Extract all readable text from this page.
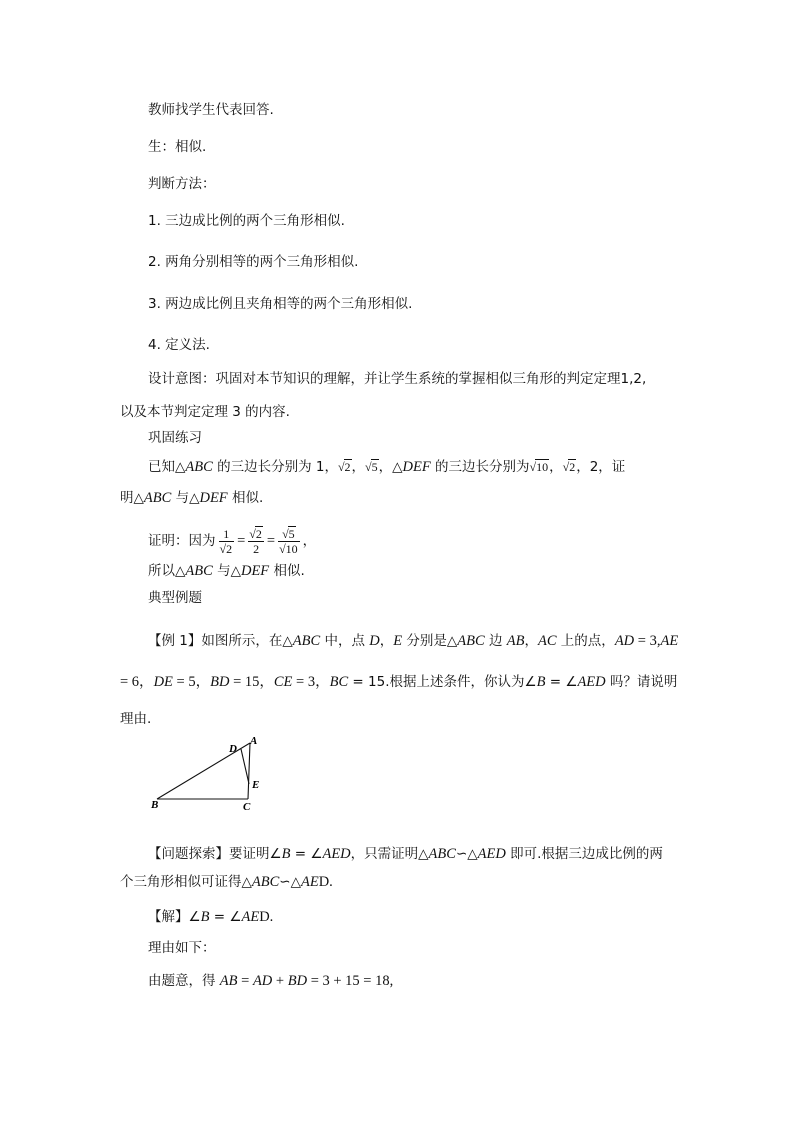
教师找学生代表回答.
生：相似.
判断方法：
1. 三边成比例的两个三角形相似.
2. 两角分别相等的两个三角形相似.
3. 两边成比例且夹角相等的两个三角形相似.
4. 定义法.
设计意图：巩固对本节知识的理解，并让学生系统的掌握相似三角形的判定定理1,2,
以及本节判定定理 3 的内容.
巩固练习
已知△ABC 的三边长分别为 1，√2，√5，△DEF 的三边长分别为√10，√2，2，证
明△ABC 与△DEF 相似.
证明：因为 $\frac{1}{√2} = \frac{√2}{2} = \frac{√5}{√10}$ ，
所以△ABC 与△DEF 相似.
典型例题
【例 1】如图所示，在△ABC 中，点 D，E 分别是△ABC 边 AB，AC 上的点，AD = 3,AE
= 6，DE = 5，BD = 15，CE = 3，BC = 15.根据上述条件，你认为∠B = ∠AED 吗？请说明
理由.
B	C
A
D
E
【问题探索】要证明∠B = ∠AED，只需证明△ABC∽△AED 即可.根据三边成比例的两
个三角形相似可证得△ABC∽△AED.
【解】∠B = ∠AED.
理由如下：
由题意，得 AB = AD + BD = 3 + 15 = 18,
